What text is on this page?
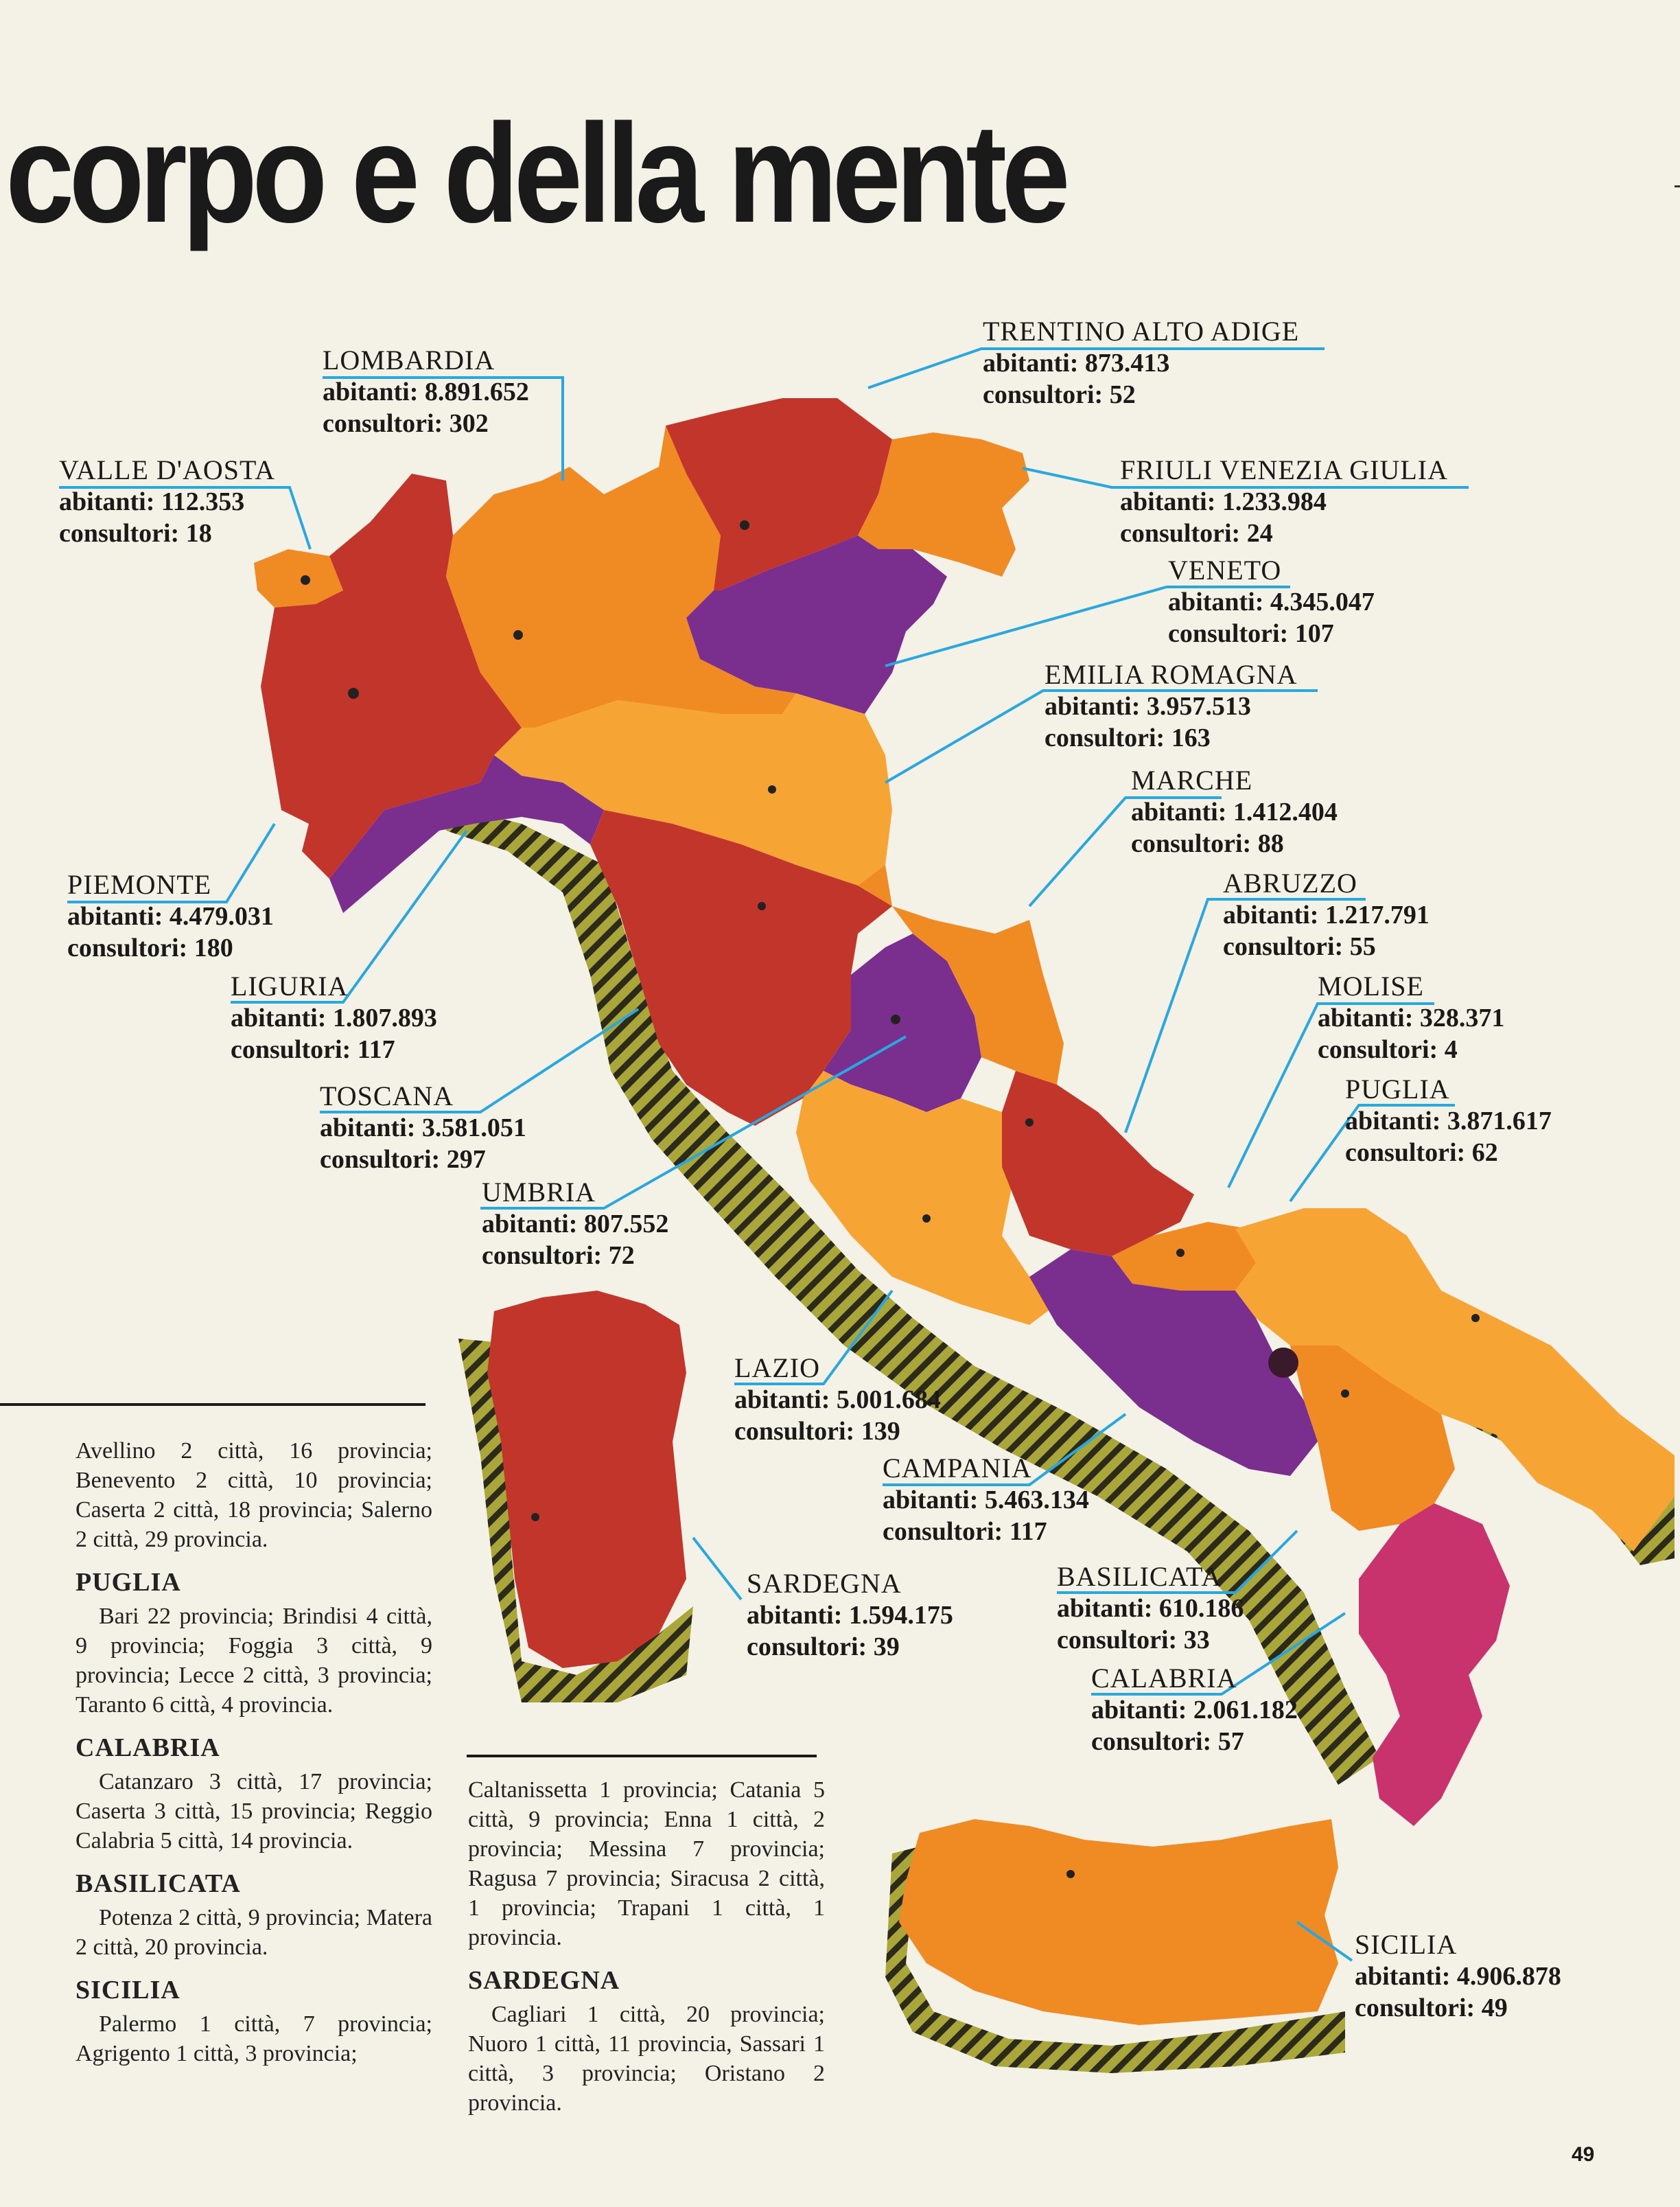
corpo e della mente
VALLE D'AOSTA
abitanti: 112.353
consultori: 18
LOMBARDIA
abitanti: 8.891.652
consultori: 302
TRENTINO ALTO ADIGE
abitanti: 873.413
consultori: 52
FRIULI VENEZIA GIULIA
abitanti: 1.233.984
consultori: 24
VENETO
abitanti: 4.345.047
consultori: 107
EMILIA ROMAGNA
abitanti: 3.957.513
consultori: 163
MARCHE
abitanti: 1.412.404
consultori: 88
ABRUZZO
abitanti: 1.217.791
consultori: 55
MOLISE
abitanti: 328.371
consultori: 4
PUGLIA
abitanti: 3.871.617
consultori: 62
PIEMONTE
abitanti: 4.479.031
consultori: 180
LIGURIA
abitanti: 1.807.893
consultori: 117
TOSCANA
abitanti: 3.581.051
consultori: 297
UMBRIA
abitanti: 807.552
consultori: 72
LAZIO
abitanti: 5.001.684
consultori: 139
CAMPANIA
abitanti: 5.463.134
consultori: 117
SARDEGNA
abitanti: 1.594.175
consultori: 39
BASILICATA
abitanti: 610.186
consultori: 33
CALABRIA
abitanti: 2.061.182
consultori: 57
SICILIA
abitanti: 4.906.878
consultori: 49

Avellino 2 città, 16 provincia; Benevento 2 città, 10 provincia; Caserta 2 città, 18 provincia; Salerno 2 città, 29 provincia.

PUGLIA

Bari 22 provincia; Brindisi 4 città, 9 provincia; Foggia 3 città, 9 provincia; Lecce 2 città, 3 provincia; Taranto 6 città, 4 provincia.

CALABRIA

Catanzaro 3 città, 17 provincia; Caserta 3 città, 15 provincia; Reggio Calabria 5 città, 14 provincia.

BASILICATA

Potenza 2 città, 9 provincia; Matera 2 città, 20 provincia.

SICILIA

Palermo 1 città, 7 provincia; Agrigento 1 città, 3 provincia;

Caltanissetta 1 provincia; Catania 5 città, 9 provincia; Enna 1 città, 2 provincia; Messina 7 provincia; Ragusa 7 provincia; Siracusa 2 città, 1 provincia; Trapani 1 città, 1 provincia.

SARDEGNA

Cagliari 1 città, 20 provincia; Nuoro 1 città, 11 provincia, Sassari 1 città, 3 provincia; Oristano 2 provincia.

49
